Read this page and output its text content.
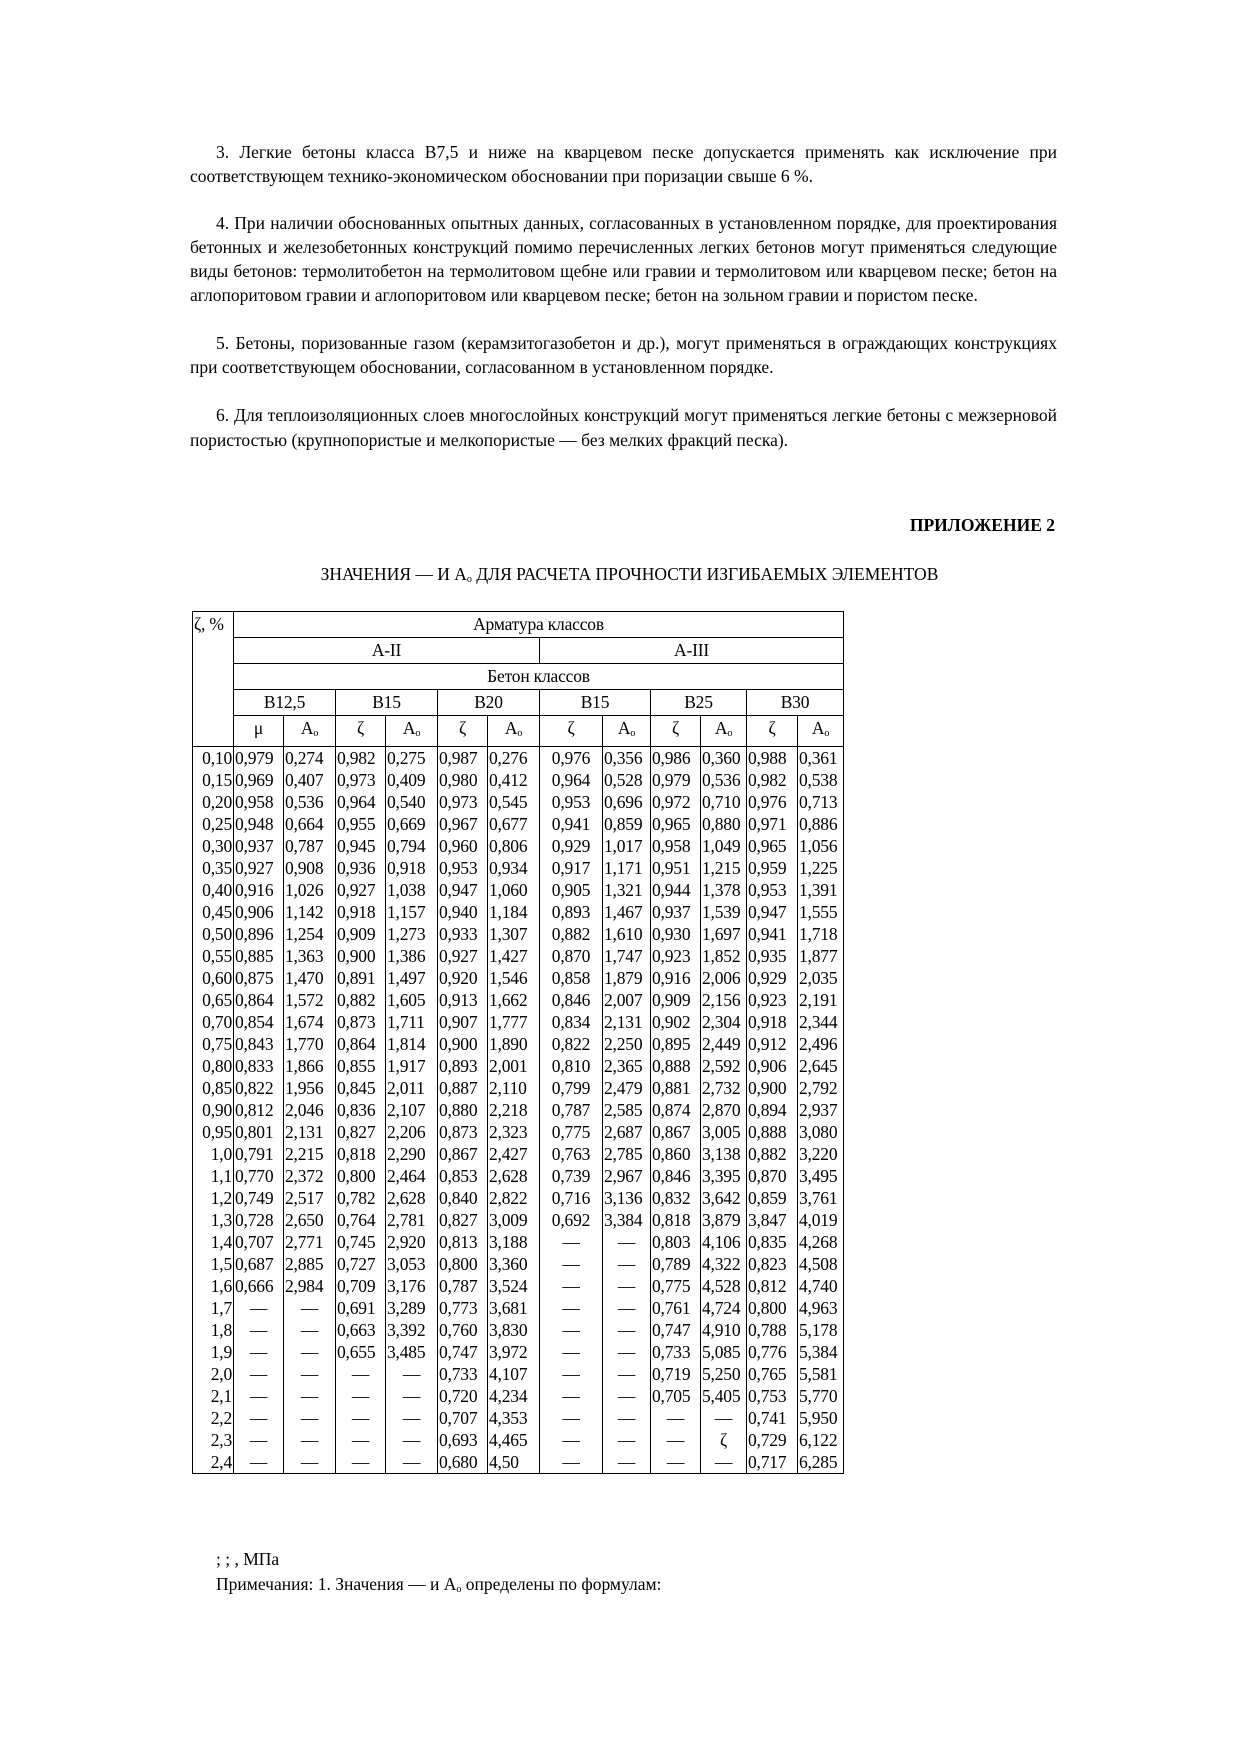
3. Легкие бетоны класса В7,5 и ниже на кварцевом песке допускается применять как исключение при соответствующем технико-экономическом обосновании при поризации свыше 6 %.
4. При наличии обоснованных опытных данных, согласованных в установленном порядке, для проектирования бетонных и железобетонных конструкций помимо перечисленных легких бетонов могут применяться следующие виды бетонов: термолитобетон на термолитовом щебне или гравии и термолитовом или кварцевом песке; бетон на аглопоритовом гравии и аглопоритовом или кварцевом песке; бетон на зольном гравии и пористом песке.
5. Бетоны, поризованные газом (керамзитогазобетон и др.), могут применяться в ограждающих конструкциях при соответствующем обосновании, согласованном в установленном порядке.
6. Для теплоизоляционных слоев многослойных конструкций могут применяться легкие бетоны с межзерновой пористостью (крупнопористые и мелкопористые — без мелких фракций песка).
ПРИЛОЖЕНИЕ 2
ЗНАЧЕНИЯ — И $А_o$ ДЛЯ РАСЧЕТА ПРОЧНОСТИ ИЗГИБАЕМЫХ ЭЛЕМЕНТОВ
ζ, %	Арматура классов											
	А-II						А-III					
	Бетон классов											
	В12,5		В15		В20		В15		В25		В30	
	μ	$A_o$	ζ	$A_o$	ζ	$A_o$	ζ	$A_o$	ζ	$A_o$	ζ	$A_o$
0,10	0,979	0,274	0,982	0,275	0,987	0,276	0,976	0,356	0,986	0,360	0,988	0,361
0,15	0,969	0,407	0,973	0,409	0,980	0,412	0,964	0,528	0,979	0,536	0,982	0,538
0,20	0,958	0,536	0,964	0,540	0,973	0,545	0,953	0,696	0,972	0,710	0,976	0,713
0,25	0,948	0,664	0,955	0,669	0,967	0,677	0,941	0,859	0,965	0,880	0,971	0,886
0,30	0,937	0,787	0,945	0,794	0,960	0,806	0,929	1,017	0,958	1,049	0,965	1,056
0,35	0,927	0,908	0,936	0,918	0,953	0,934	0,917	1,171	0,951	1,215	0,959	1,225
0,40	0,916	1,026	0,927	1,038	0,947	1,060	0,905	1,321	0,944	1,378	0,953	1,391
0,45	0,906	1,142	0,918	1,157	0,940	1,184	0,893	1,467	0,937	1,539	0,947	1,555
0,50	0,896	1,254	0,909	1,273	0,933	1,307	0,882	1,610	0,930	1,697	0,941	1,718
0,55	0,885	1,363	0,900	1,386	0,927	1,427	0,870	1,747	0,923	1,852	0,935	1,877
0,60	0,875	1,470	0,891	1,497	0,920	1,546	0,858	1,879	0,916	2,006	0,929	2,035
0,65	0,864	1,572	0,882	1,605	0,913	1,662	0,846	2,007	0,909	2,156	0,923	2,191
0,70	0,854	1,674	0,873	1,711	0,907	1,777	0,834	2,131	0,902	2,304	0,918	2,344
0,75	0,843	1,770	0,864	1,814	0,900	1,890	0,822	2,250	0,895	2,449	0,912	2,496
0,80	0,833	1,866	0,855	1,917	0,893	2,001	0,810	2,365	0,888	2,592	0,906	2,645
0,85	0,822	1,956	0,845	2,011	0,887	2,110	0,799	2,479	0,881	2,732	0,900	2,792
0,90	0,812	2,046	0,836	2,107	0,880	2,218	0,787	2,585	0,874	2,870	0,894	2,937
0,95	0,801	2,131	0,827	2,206	0,873	2,323	0,775	2,687	0,867	3,005	0,888	3,080
1,0	0,791	2,215	0,818	2,290	0,867	2,427	0,763	2,785	0,860	3,138	0,882	3,220
1,1	0,770	2,372	0,800	2,464	0,853	2,628	0,739	2,967	0,846	3,395	0,870	3,495
1,2	0,749	2,517	0,782	2,628	0,840	2,822	0,716	3,136	0,832	3,642	0,859	3,761
1,3	0,728	2,650	0,764	2,781	0,827	3,009	0,692	3,384	0,818	3,879	3,847	4,019
1,4	0,707	2,771	0,745	2,920	0,813	3,188	—	—	0,803	4,106	0,835	4,268
1,5	0,687	2,885	0,727	3,053	0,800	3,360	—	—	0,789	4,322	0,823	4,508
1,6	0,666	2,984	0,709	3,176	0,787	3,524	—	—	0,775	4,528	0,812	4,740
1,7	—	—	0,691	3,289	0,773	3,681	—	—	0,761	4,724	0,800	4,963
1,8	—	—	0,663	3,392	0,760	3,830	—	—	0,747	4,910	0,788	5,178
1,9	—	—	0,655	3,485	0,747	3,972	—	—	0,733	5,085	0,776	5,384
2,0	—	—	—	—	0,733	4,107	—	—	0,719	5,250	0,765	5,581
2,1	—	—	—	—	0,720	4,234	—	—	0,705	5,405	0,753	5,770
2,2	—	—	—	—	0,707	4,353	—	—	—	—	0,741	5,950
2,3	—	—	—	—	0,693	4,465	—	—	—	ζ	0,729	6,122
2,4	—	—	—	—	0,680	4,50	—	—	—	—	0,717	6,285
; ; , МПа
Примечания: 1. Значения — и $А_o$ определены по формулам:
